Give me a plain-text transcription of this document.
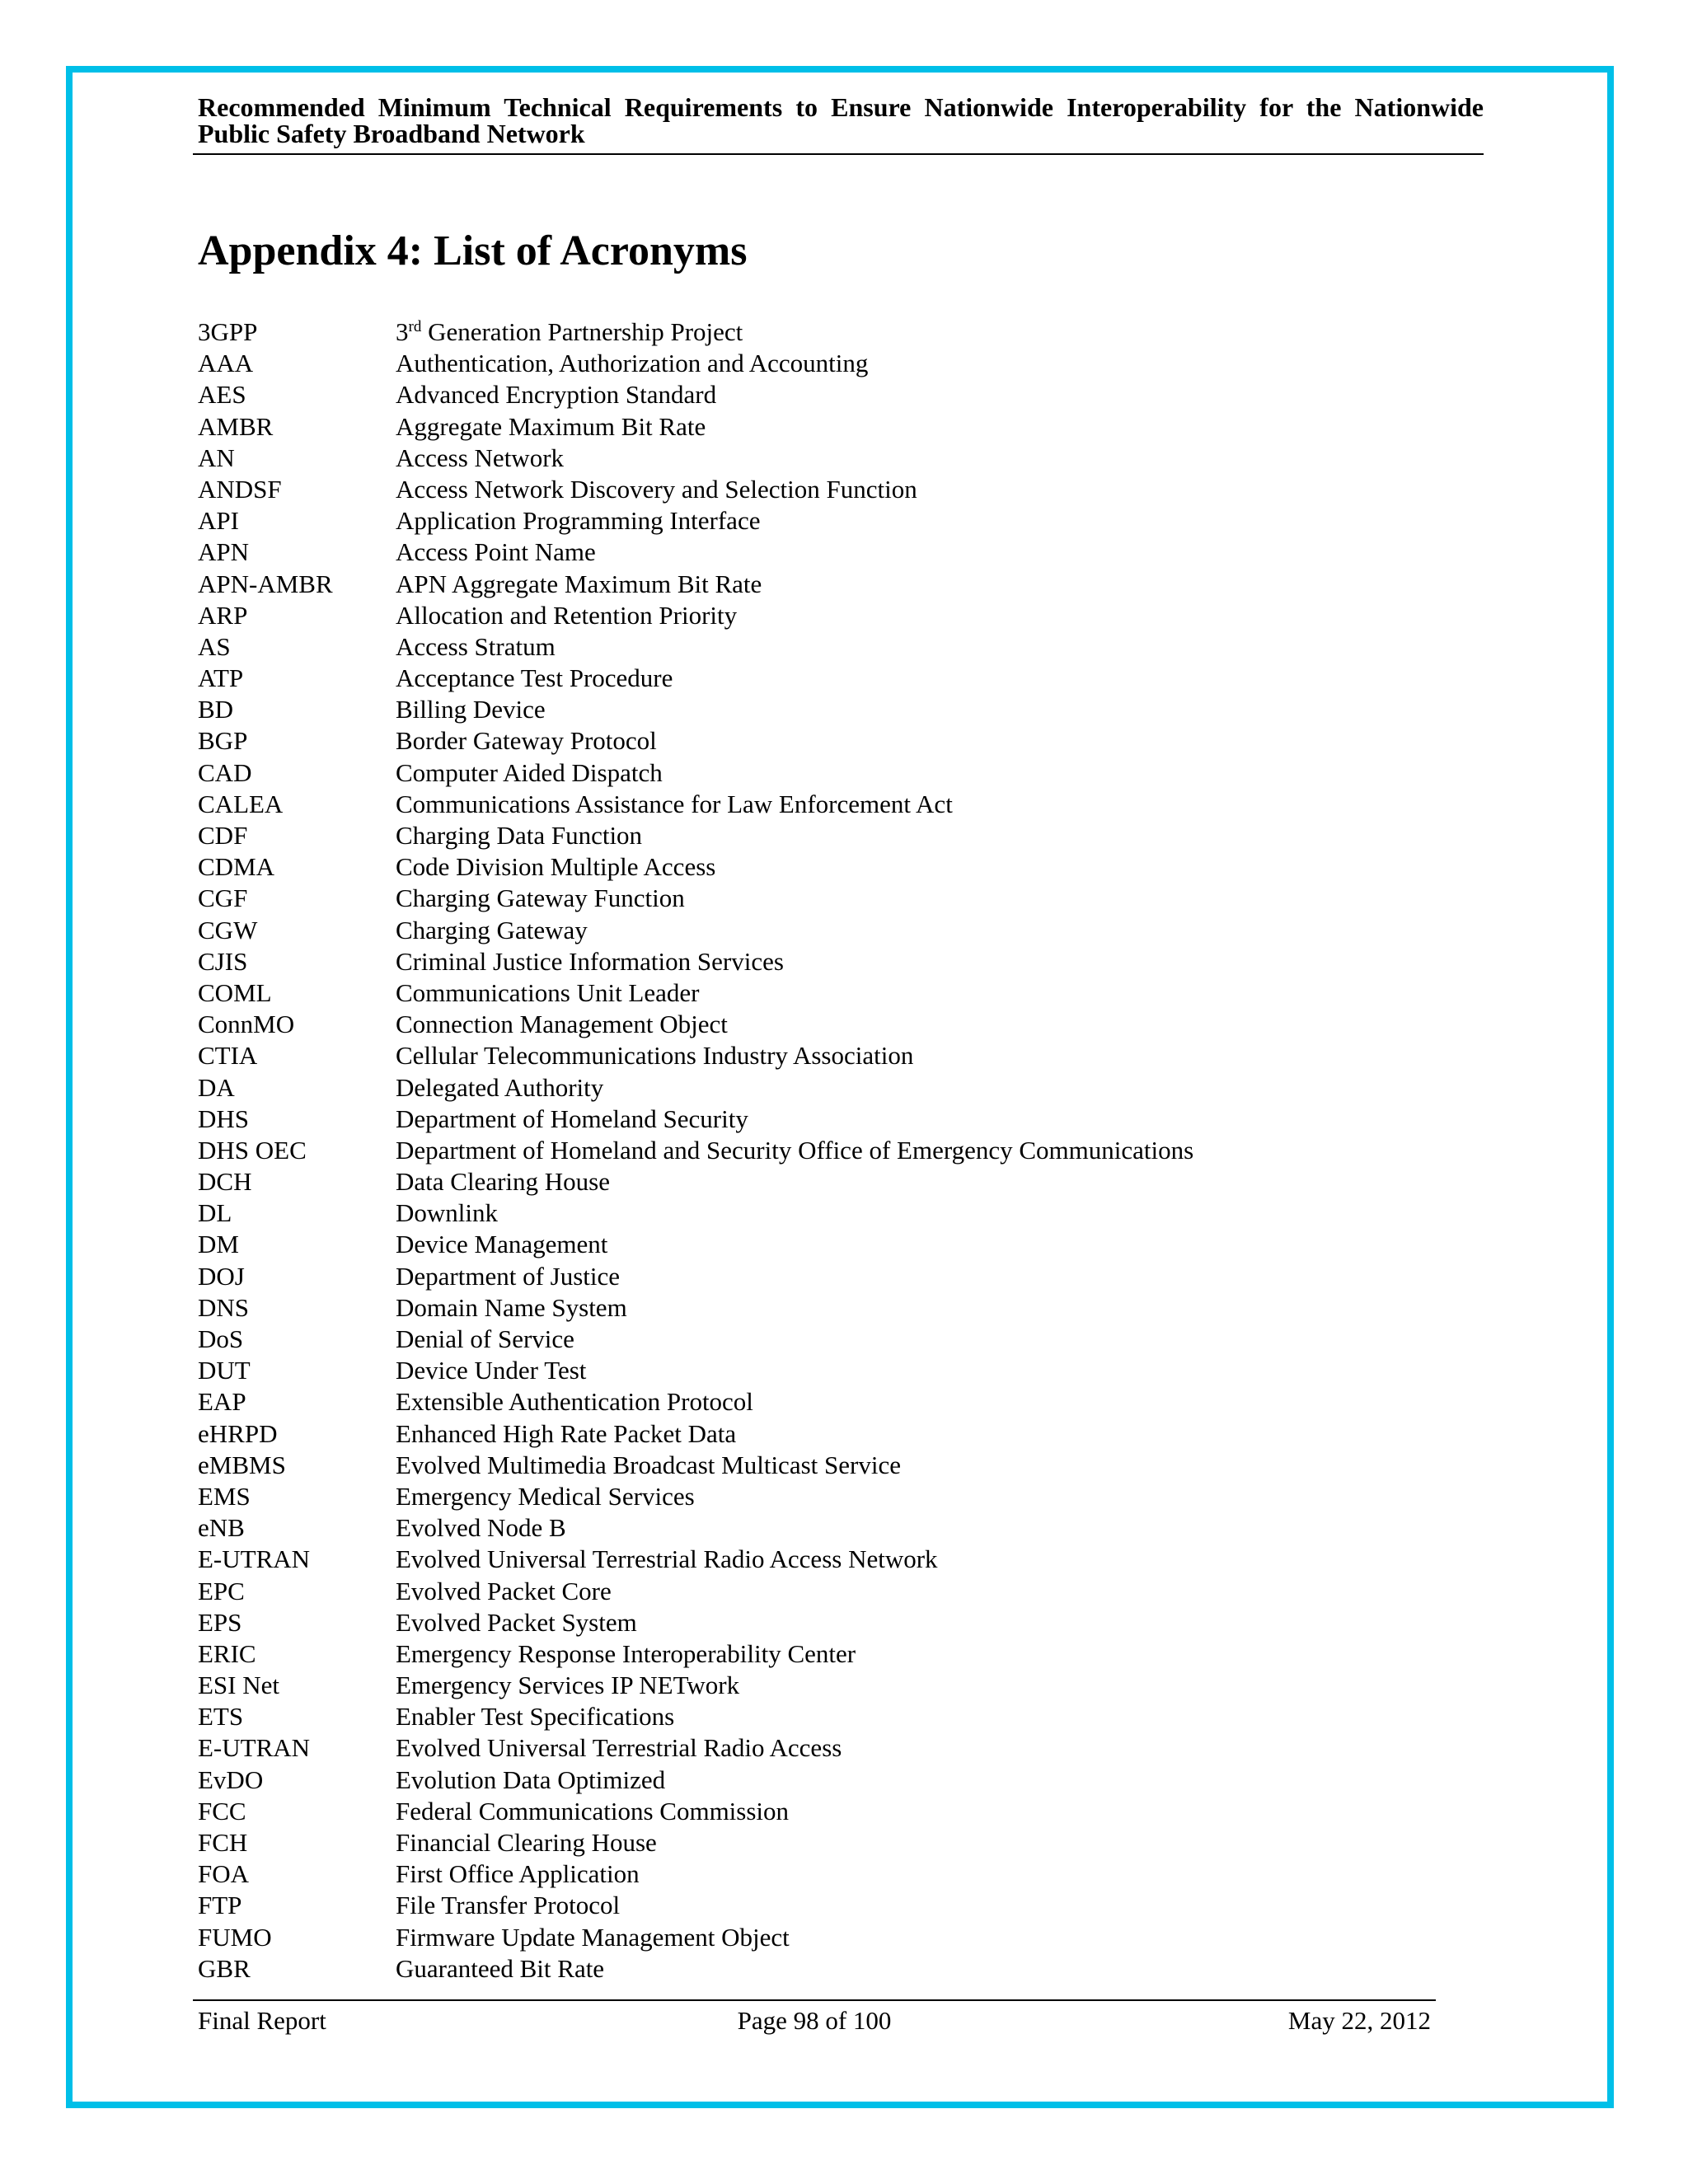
Recommended Minimum Technical Requirements to Ensure Nationwide Interoperability for the Nationwide Public Safety Broadband Network
Appendix 4: List of Acronyms
3GPP	3rd Generation Partnership Project
AAA	Authentication, Authorization and Accounting
AES	Advanced Encryption Standard
AMBR	Aggregate Maximum Bit Rate
AN	Access Network
ANDSF	Access Network Discovery and Selection Function
API	Application Programming Interface
APN	Access Point Name
APN-AMBR	APN Aggregate Maximum Bit Rate
ARP	Allocation and Retention Priority
AS	Access Stratum
ATP	Acceptance Test Procedure
BD	Billing Device
BGP	Border Gateway Protocol
CAD	Computer Aided Dispatch
CALEA	Communications Assistance for Law Enforcement Act
CDF	Charging Data Function
CDMA	Code Division Multiple Access
CGF	Charging Gateway Function
CGW	Charging Gateway
CJIS	Criminal Justice Information Services
COML	Communications Unit Leader
ConnMO	Connection Management Object
CTIA	Cellular Telecommunications Industry Association
DA	Delegated Authority
DHS	Department of Homeland Security
DHS OEC	Department of Homeland and Security Office of Emergency Communications
DCH	Data Clearing House
DL	Downlink
DM	Device Management
DOJ	Department of Justice
DNS	Domain Name System
DoS	Denial of Service
DUT	Device Under Test
EAP	Extensible Authentication Protocol
eHRPD	Enhanced High Rate Packet Data
eMBMS	Evolved Multimedia Broadcast Multicast Service
EMS	Emergency Medical Services
eNB	Evolved Node B
E-UTRAN	Evolved Universal Terrestrial Radio Access Network
EPC	Evolved Packet Core
EPS	Evolved Packet System
ERIC	Emergency Response Interoperability Center
ESI Net	Emergency Services IP NETwork
ETS	Enabler Test Specifications
E-UTRAN	Evolved Universal Terrestrial Radio Access
EvDO	Evolution Data Optimized
FCC	Federal Communications Commission
FCH	Financial Clearing House
FOA	First Office Application
FTP	File Transfer Protocol
FUMO	Firmware Update Management Object
GBR	Guaranteed Bit Rate
Final Report	Page 98 of 100	May 22, 2012
